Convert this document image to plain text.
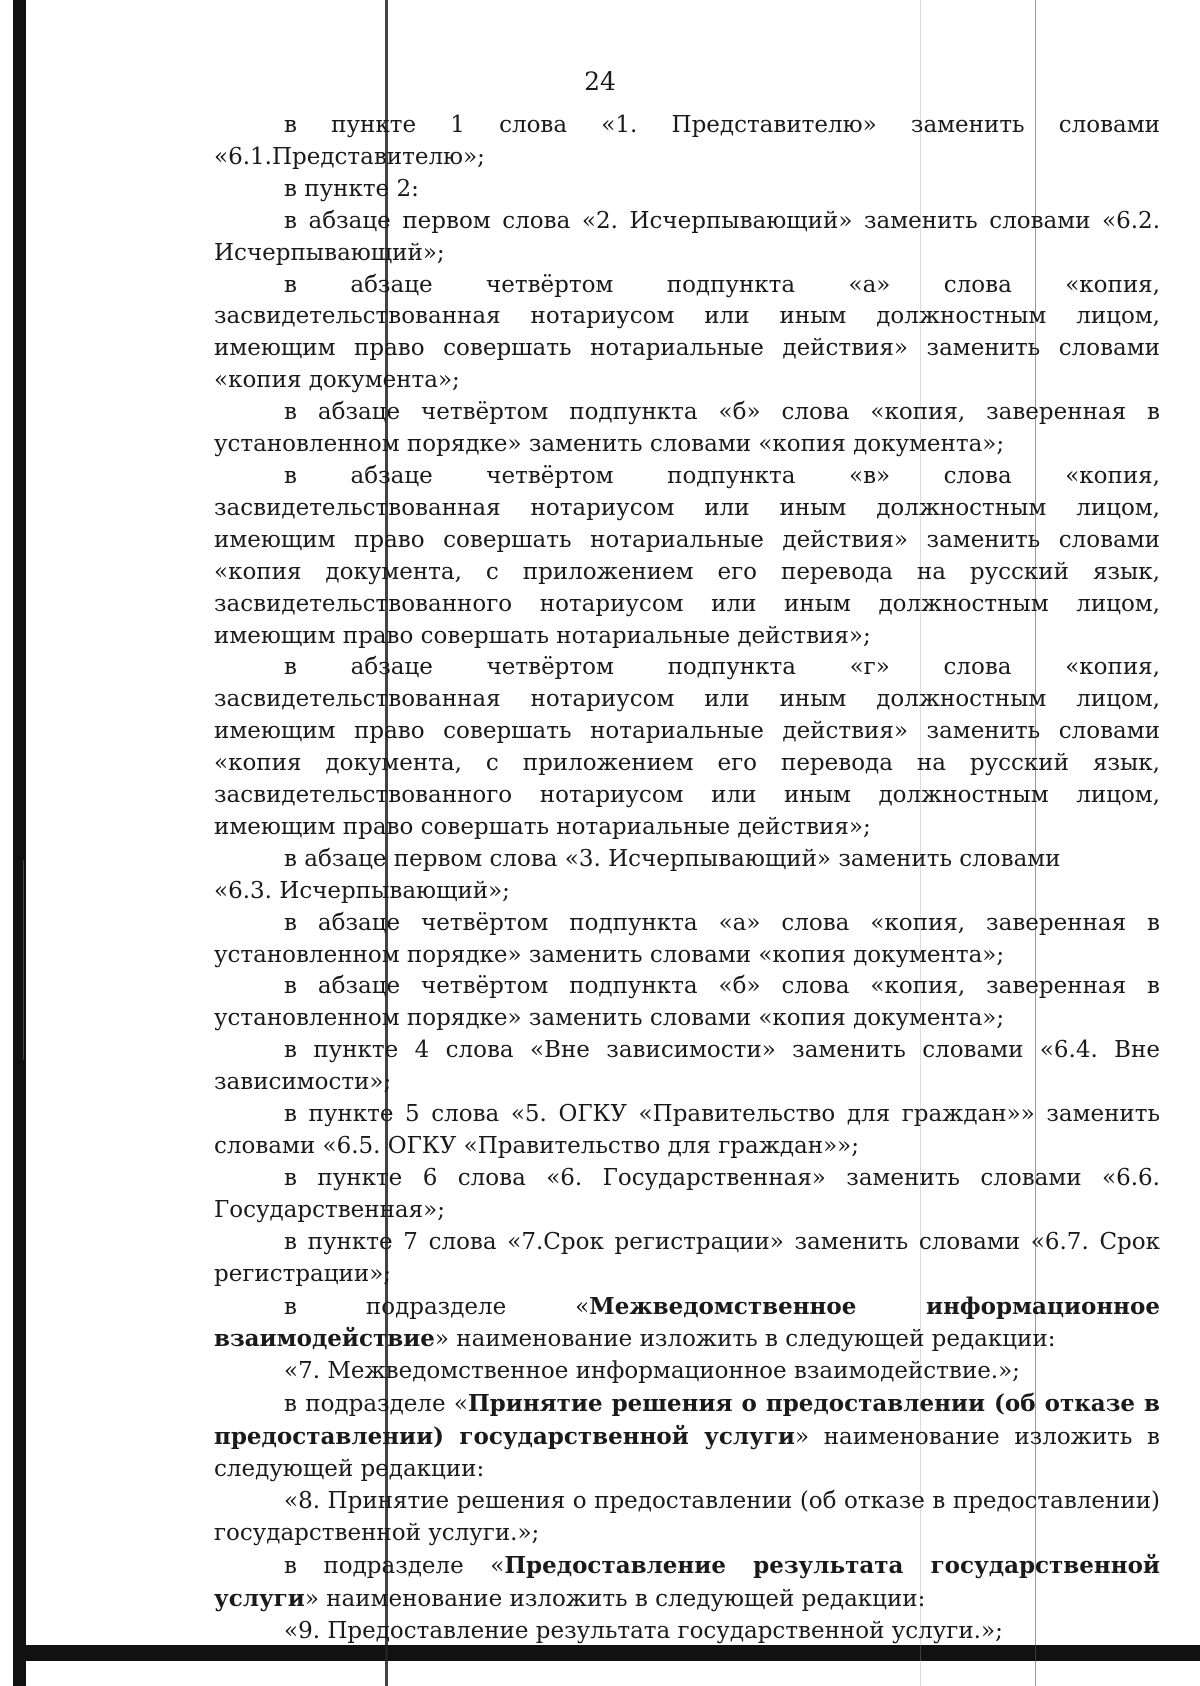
24

в пункте 1 слова «1. Представителю» заменить словами «6.1.Представителю»;

в пункте 2:

в абзаце первом слова «2. Исчерпывающий» заменить словами «6.2. Исчерпывающий»;

в абзаце четвёртом подпункта «а» слова «копия, засвидетельствованная нотариусом или иным должностным лицом, имеющим право совершать нотариальные действия» заменить словами «копия документа»;

в абзаце четвёртом подпункта «б» слова «копия, заверенная в установленном порядке» заменить словами «копия документа»;

в абзаце четвёртом подпункта «в» слова «копия, засвидетельствованная нотариусом или иным должностным лицом, имеющим право совершать нотариальные действия» заменить словами «копия документа, с приложением его перевода на русский язык, засвидетельствованного нотариусом или иным должностным лицом, имеющим право совершать нотариальные действия»;

в абзаце четвёртом подпункта «г» слова «копия, засвидетельствованная нотариусом или иным должностным лицом, имеющим право совершать нотариальные действия» заменить словами «копия документа, с приложением его перевода на русский язык, засвидетельствованного нотариусом или иным должностным лицом, имеющим право совершать нотариальные действия»;

в абзаце первом слова «3. Исчерпывающий» заменить словами

«6.3. Исчерпывающий»;

в абзаце четвёртом подпункта «а» слова «копия, заверенная в установленном порядке» заменить словами «копия документа»;

в абзаце четвёртом подпункта «б» слова «копия, заверенная в установленном порядке» заменить словами «копия документа»;

в пункте 4 слова «Вне зависимости» заменить словами «6.4. Вне зависимости»;

в пункте 5 слова «5. ОГКУ «Правительство для граждан»» заменить словами «6.5. ОГКУ «Правительство для граждан»»;

в пункте 6 слова «6. Государственная» заменить словами «6.6. Государственная»;

в пункте 7 слова «7.Срок регистрации» заменить словами «6.7. Срок регистрации»;

в подразделе «Межведомственное информационное взаимодействие» наименование изложить в следующей редакции:

«7. Межведомственное информационное взаимодействие.»;

в подразделе «Принятие решения о предоставлении (об отказе в предоставлении) государственной услуги» наименование изложить в следующей редакции:

«8. Принятие решения о предоставлении (об отказе в предоставлении) государственной услуги.»;

в подразделе «Предоставление результата государственной услуги» наименование изложить в следующей редакции:

«9. Предоставление результата государственной услуги.»;
